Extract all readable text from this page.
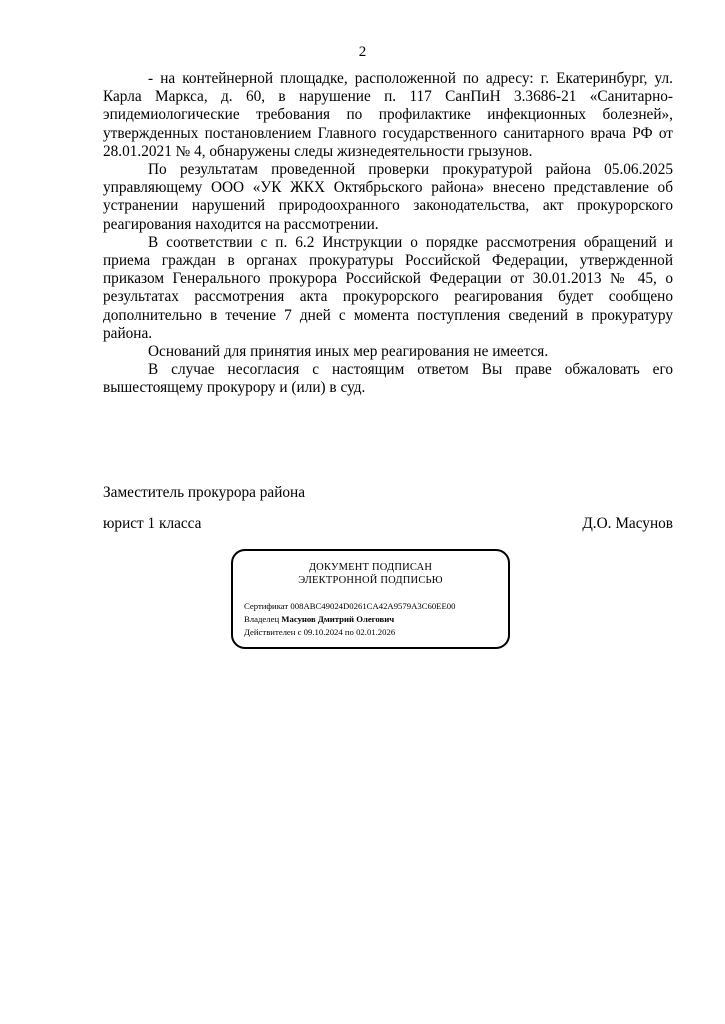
2

- на контейнерной площадке, расположенной по адресу: г. Екатеринбург, ул. Карла Маркса, д. 60, в нарушение п. 117 СанПиН 3.3686-21 «Санитарно-эпидемиологические требования по профилактике инфекционных болезней», утвержденных постановлением Главного государственного санитарного врача РФ от 28.01.2021 № 4, обнаружены следы жизнедеятельности грызунов.

По результатам проведенной проверки прокуратурой района 05.06.2025 управляющему ООО «УК ЖКХ Октябрьского района» внесено представление об устранении нарушений природоохранного законодательства, акт прокурорского реагирования находится на рассмотрении.

В соответствии с п. 6.2 Инструкции о порядке рассмотрения обращений и приема граждан в органах прокуратуры Российской Федерации, утвержденной приказом Генерального прокурора Российской Федерации от 30.01.2013 № 45, о результатах рассмотрения акта прокурорского реагирования будет сообщено дополнительно в течение 7 дней с момента поступления сведений в прокуратуру района.

Оснований для принятия иных мер реагирования не имеется.

В случае несогласия с настоящим ответом Вы праве обжаловать его вышестоящему прокурору и (или) в суд.

Заместитель прокурора района
юрист 1 класса	Д.О. Масунов
ДОКУМЕНТ ПОДПИСАН
ЭЛЕКТРОННОЙ ПОДПИСЬЮ
Сертификат 008ABC49024D0261CA42A9579A3C60EE00
Владелец Масунов Дмитрий Олегович
Действителен с 09.10.2024 по 02.01.2026
